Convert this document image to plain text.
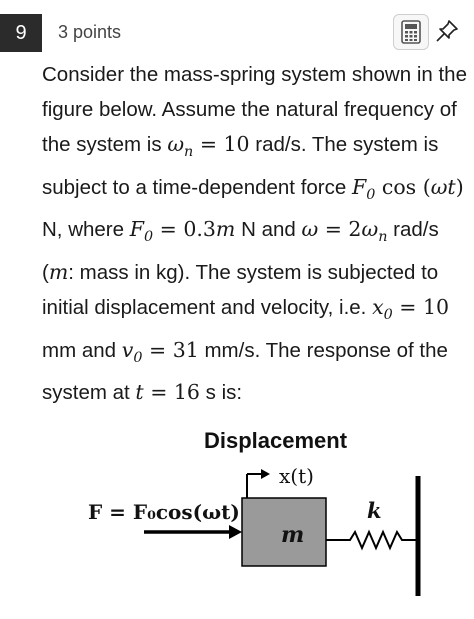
9	3 points

Consider the mass-spring system shown in the figure below. Assume the natural frequency of the system is $\omega_n = 10$ rad/s. The system is subject to a time-dependent force $F_0$ cos (ωt) N, where $F_0 = 0.3m$ N and $\omega = 2\omega_n$ rad/s (m: mass in kg). The system is subjected to initial displacement and velocity, i.e. $x_0 = 10$ mm and $v_0 = 31$ mm/s. The response of the system at t = 16 s is:

Displacement
x(t)
F = F₀cos(ωt)	k
m
